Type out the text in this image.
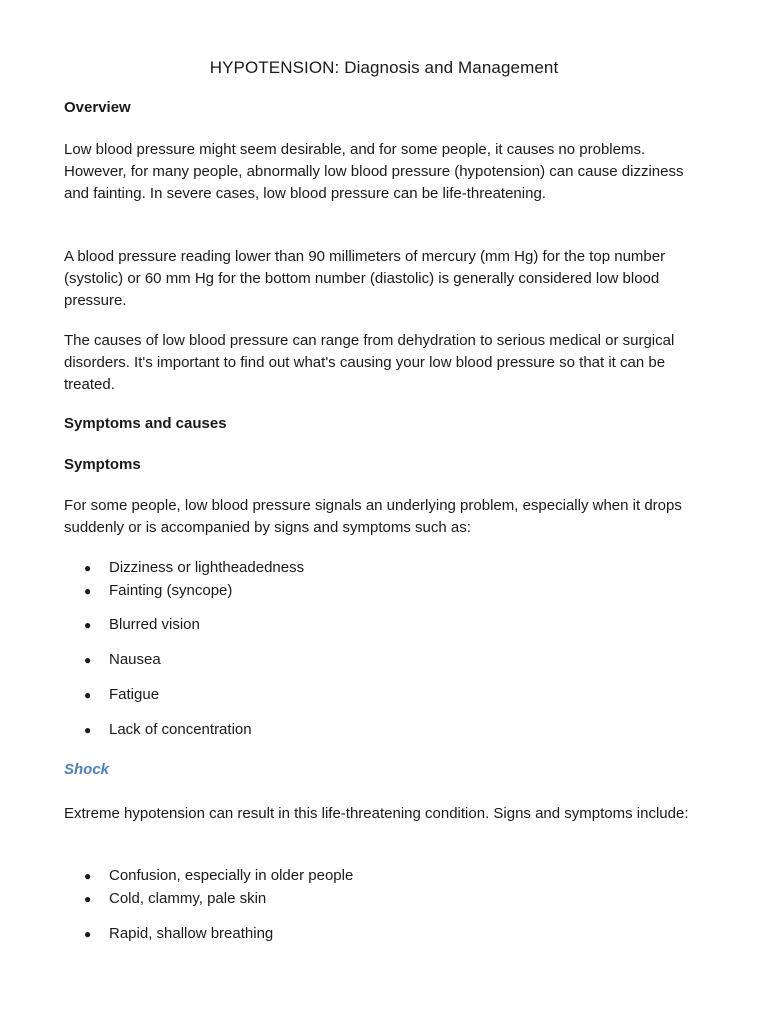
HYPOTENSION: Diagnosis and Management
Overview

Low blood pressure might seem desirable, and for some people, it causes no problems. However, for many people, abnormally low blood pressure (hypotension) can cause dizziness and fainting. In severe cases, low blood pressure can be life-threatening.

A blood pressure reading lower than 90 millimeters of mercury (mm Hg) for the top number (systolic) or 60 mm Hg for the bottom number (diastolic) is generally considered low blood pressure.

The causes of low blood pressure can range from dehydration to serious medical or surgical disorders. It's important to find out what's causing your low blood pressure so that it can be treated.

Symptoms and causes
Symptoms

For some people, low blood pressure signals an underlying problem, especially when it drops suddenly or is accompanied by signs and symptoms such as:

● Dizziness or lightheadedness
● Fainting (syncope)
● Blurred vision
● Nausea
● Fatigue
● Lack of concentration
Shock

Extreme hypotension can result in this life-threatening condition. Signs and symptoms include:

● Confusion, especially in older people
● Cold, clammy, pale skin
● Rapid, shallow breathing
